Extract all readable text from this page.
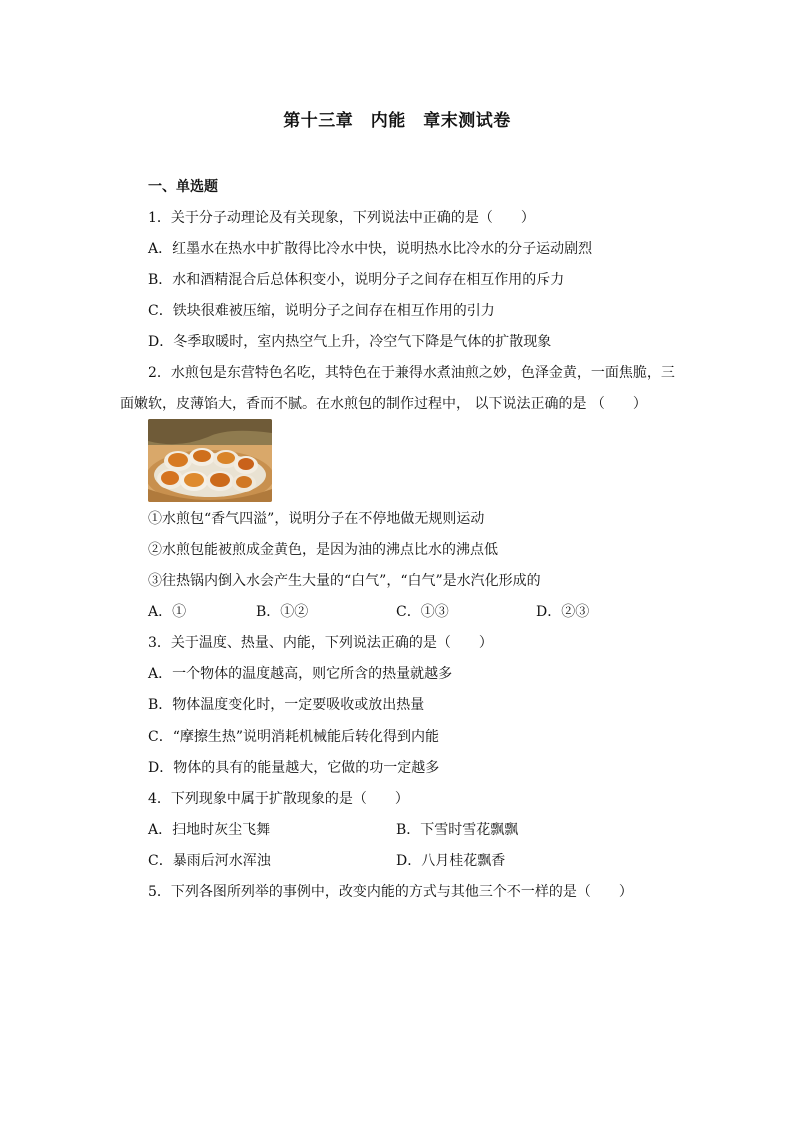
第十三章　内能　章末测试卷
一、单选题
1．关于分子动理论及有关现象，下列说法中正确的是（　　）
A．红墨水在热水中扩散得比冷水中快，说明热水比冷水的分子运动剧烈
B．水和酒精混合后总体积变小，说明分子之间存在相互作用的斥力
C．铁块很难被压缩，说明分子之间存在相互作用的引力
D．冬季取暖时，室内热空气上升，冷空气下降是气体的扩散现象
2．水煎包是东营特色名吃，其特色在于兼得水煮油煎之妙，色泽金黄，一面焦脆，三
面嫩软，皮薄馅大，香而不腻。在水煎包的制作过程中， 以下说法正确的是 （　　）
①水煎包“香气四溢”，说明分子在不停地做无规则运动
②水煎包能被煎成金黄色，是因为油的沸点比水的沸点低
③往热锅内倒入水会产生大量的“白气”，“白气”是水汽化形成的
A．①	B．①②	C．①③	D．②③
3．关于温度、热量、内能，下列说法正确的是（　　）
A．一个物体的温度越高，则它所含的热量就越多
B．物体温度变化时，一定要吸收或放出热量
C．“摩擦生热”说明消耗机械能后转化得到内能
D．物体的具有的能量越大，它做的功一定越多
4．下列现象中属于扩散现象的是（　　）
A．扫地时灰尘飞舞	B．下雪时雪花飘飘
C．暴雨后河水浑浊	D．八月桂花飘香
5．下列各图所列举的事例中，改变内能的方式与其他三个不一样的是（　　）
